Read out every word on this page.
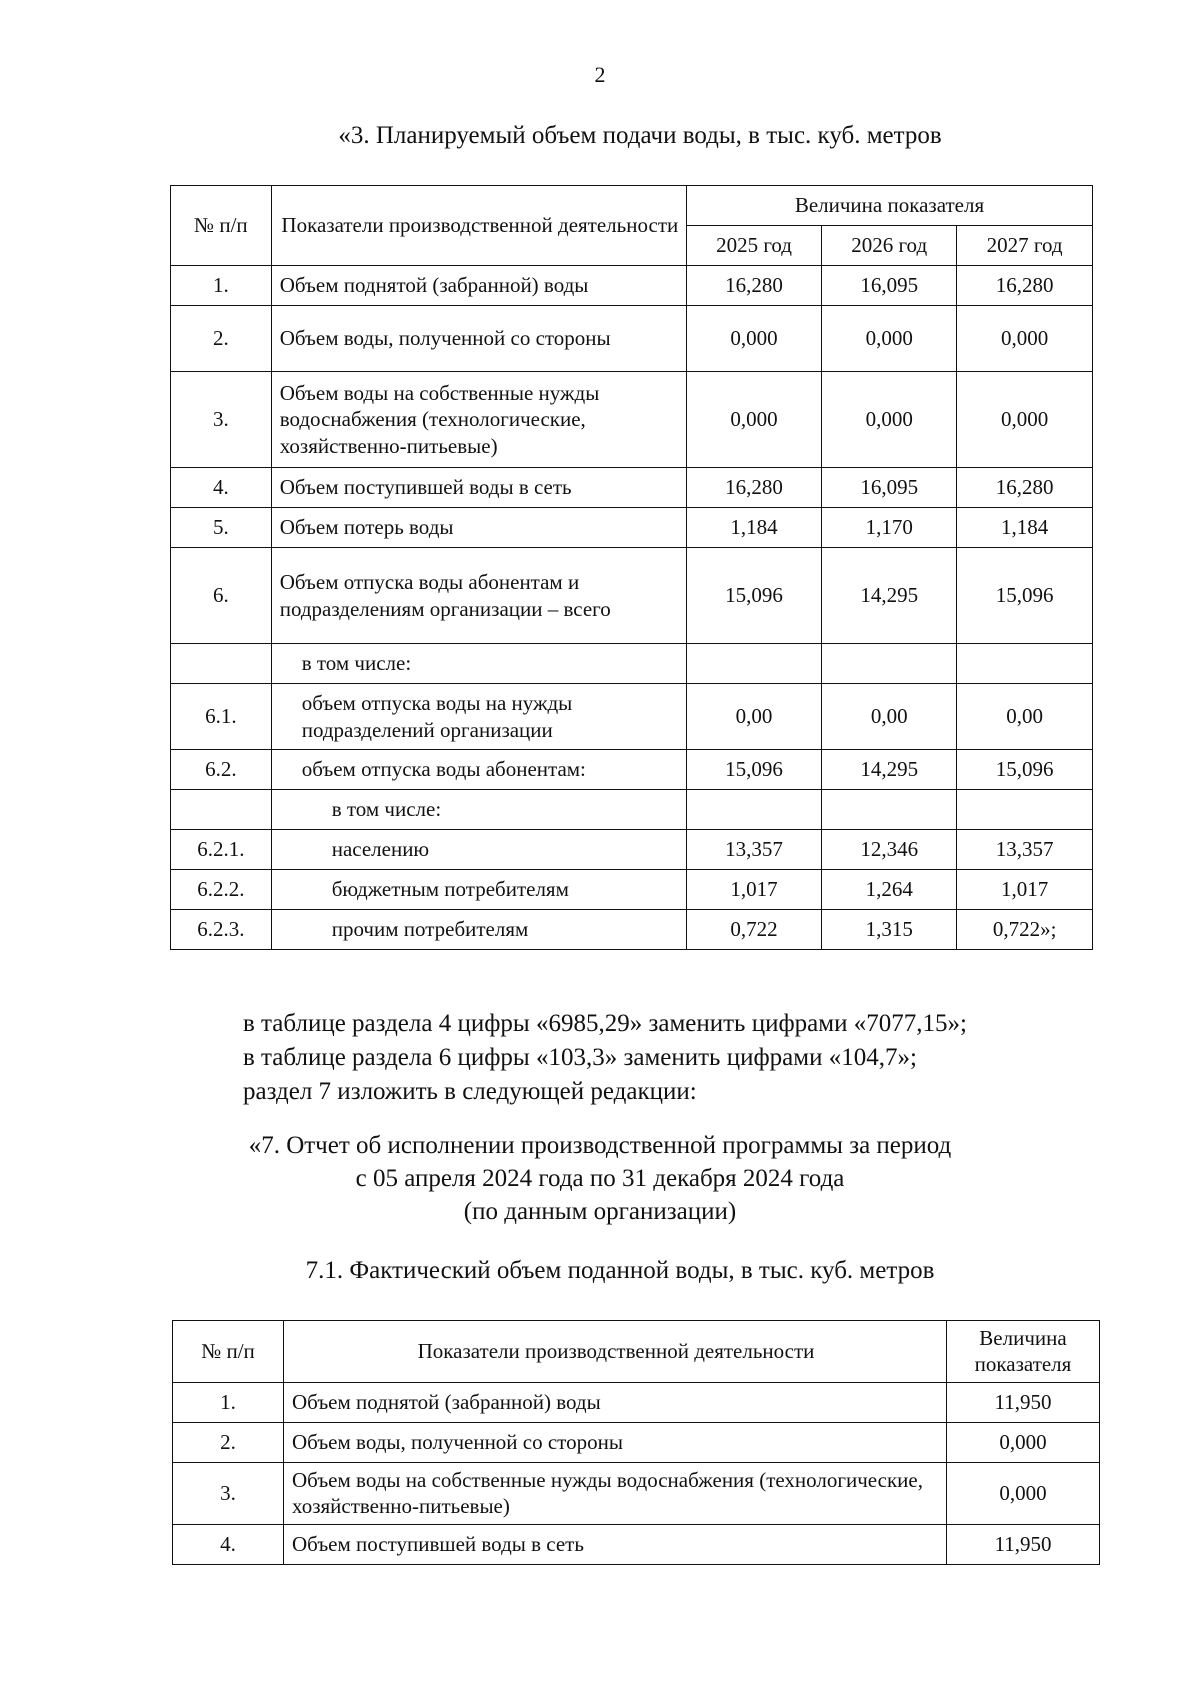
2
«3. Планируемый объем подачи воды, в тыс. куб. метров
№ п/п	Показатели производственной деятельности	Величина показателя		
		2025 год	2026 год	2027 год
1.	Объем поднятой (забранной) воды	16,280	16,095	16,280
2.	Объем воды, полученной со стороны	0,000	0,000	0,000
3.	Объем воды на собственные нужды водоснабжения (технологические, хозяйственно-питьевые)	0,000	0,000	0,000
4.	Объем поступившей воды в сеть	16,280	16,095	16,280
5.	Объем потерь воды	1,184	1,170	1,184
6.	Объем отпуска воды абонентам и подразделениям организации – всего	15,096	14,295	15,096
	в том числе:			
6.1.	объем отпуска воды на нужды подразделений организации	0,00	0,00	0,00
6.2.	объем отпуска воды абонентам:	15,096	14,295	15,096
	в том числе:			
6.2.1.	населению	13,357	12,346	13,357
6.2.2.	бюджетным потребителям	1,017	1,264	1,017
6.2.3.	прочим потребителям	0,722	1,315	0,722»;
в таблице раздела 4 цифры «6985,29» заменить цифрами «7077,15»;
в таблице раздела 6 цифры «103,3» заменить цифрами «104,7»;
раздел 7 изложить в следующей редакции:
«7. Отчет об исполнении производственной программы за период
с 05 апреля 2024 года по 31 декабря 2024 года
(по данным организации)
7.1. Фактический объем поданной воды, в тыс. куб. метров
№ п/п	Показатели производственной деятельности	Величина показателя
1.	Объем поднятой (забранной) воды	11,950
2.	Объем воды, полученной со стороны	0,000
3.	Объем воды на собственные нужды водоснабжения (технологические, хозяйственно-питьевые)	0,000
4.	Объем поступившей воды в сеть	11,950
